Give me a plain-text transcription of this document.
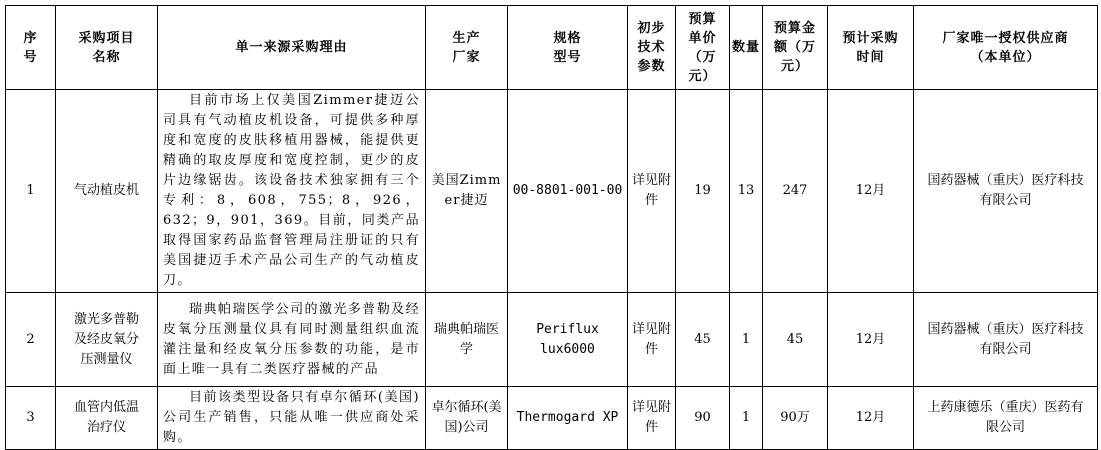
序号	采购项目名称	单一来源采购理由	生产厂家	规格型号	初步技术参数	预算单价（万元）	数量	预算金额（万元）	预计采购时间	厂家唯一授权供应商（本单位）
1	气动植皮机	目前市场上仅美国Zimmer捷迈公司具有气动植皮机设备，可提供多种厚度和宽度的皮肤移植用器械，能提供更精确的取皮厚度和宽度控制，更少的皮片边缘锯齿。该设备技术独家拥有三个专利：8，608，755；8，926，632；9，901，369。目前，同类产品取得国家药品监督管理局注册证的只有美国捷迈手术产品公司生产的气动植皮刀。	美国Zimmer捷迈	00-8801-001-00	详见附件	19	13	247	12月	国药器械（重庆）医疗科技有限公司
2	激光多普勒及经皮氧分压测量仪	瑞典帕瑞医学公司的激光多普勒及经皮氧分压测量仪具有同时测量组织血流灌注量和经皮氧分压参数的功能，是市面上唯一具有二类医疗器械的产品	瑞典帕瑞医学	Periflux lux6000	详见附件	45	1	45	12月	国药器械（重庆）医疗科技有限公司
3	血管内低温治疗仪	目前该类型设备只有卓尔循环(美国)公司生产销售，只能从唯一供应商处采购。	卓尔循环(美国)公司	Thermogard XP	详见附件	90	1	90万	12月	上药康德乐（重庆）医药有限公司
